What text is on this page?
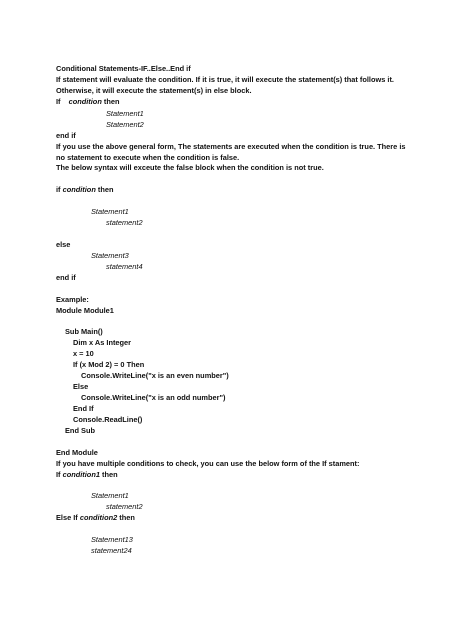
Conditional Statements-IF..Else..End if
If statement will evaluate the condition. If it is true, it will execute the statement(s) that follows it.
Otherwise, it will execute the statement(s) in else block.
If condition then
Statement1
Statement2
end if
If you use the above general form, The statements are executed when the condition is true. There is
no statement to execute when the condition is false.
The below syntax will exceute the false block when the condition is not true.
if condition then
Statement1
statement2
else
Statement3
statement4
end if
Example:
Module Module1
Sub Main()
Dim x As Integer
x = 10
If (x Mod 2) = 0 Then
Console.WriteLine("x is an even number")
Else
Console.WriteLine("x is an odd number")
End If
Console.ReadLine()
End Sub
End Module
If you have multiple conditions to check, you can use the below form of the If stament:
If condition1 then
Statement1
statement2
Else If condition2 then
Statement13
statement24
